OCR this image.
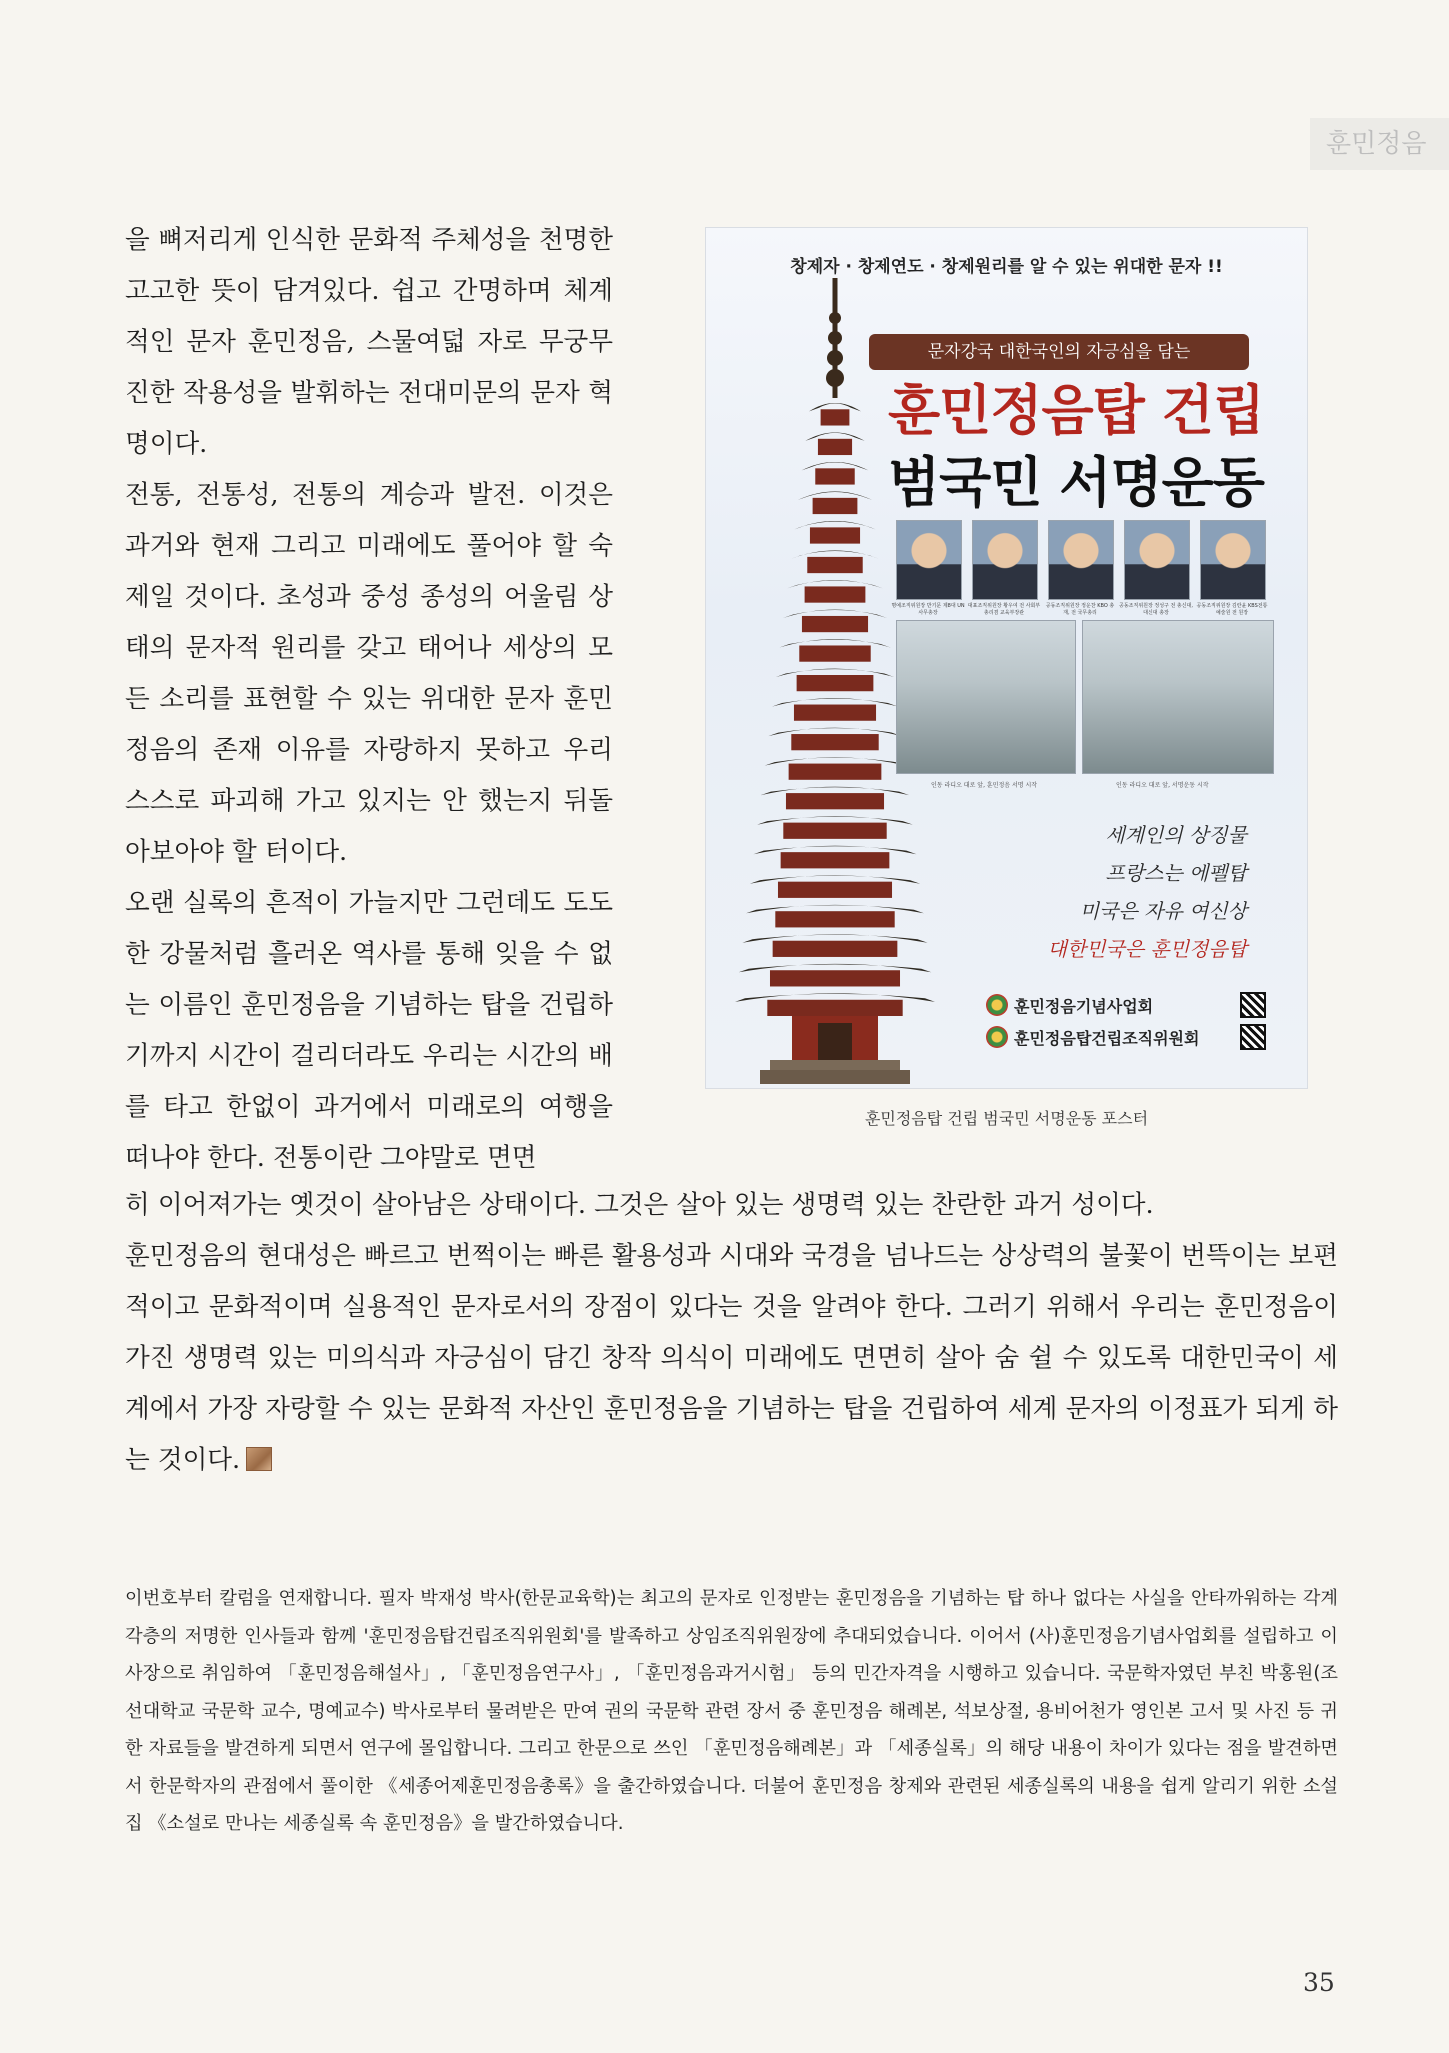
훈민정음

을 뼈저리게 인식한 문화적 주체성을 천명한 고고한 뜻이 담겨있다. 쉽고 간명하며 체계적인 문자 훈민정음, 스물여덟 자로 무궁무진한 작용성을 발휘하는 전대미문의 문자 혁명이다.

전통, 전통성, 전통의 계승과 발전. 이것은 과거와 현재 그리고 미래에도 풀어야 할 숙제일 것이다. 초성과 중성 종성의 어울림 상태의 문자적 원리를 갖고 태어나 세상의 모든 소리를 표현할 수 있는 위대한 문자 훈민정음의 존재 이유를 자랑하지 못하고 우리 스스로 파괴해 가고 있지는 안 했는지 뒤돌아보아야 할 터이다.

오랜 실록의 흔적이 가늘지만 그런데도 도도한 강물처럼 흘러온 역사를 통해 잊을 수 없는 이름인 훈민정음을 기념하는 탑을 건립하기까지 시간이 걸리더라도 우리는 시간의 배를 타고 한없이 과거에서 미래로의 여행을 떠나야 한다. 전통이란 그야말로 면면

창제자 · 창제연도 · 창제원리를 알 수 있는 위대한 문자 !!
문자강국 대한국인의 자긍심을 담는
훈민정음탑 건립
범국민 서명운동
명예조직위원장 반기문 제8대 UN 사무총장
대표조직위원장 황우여 전 사회부총리겸 교육부장관
공동조직위원장 정운찬 KBO 총재, 전 국무총리
공동조직위원장 정성구 전 총신대, 대신대 총장
공동조직위원장 김란윤 KBS전통예술원 전 원장
인동 라디오 대로 앞, 훈민정음 서명 시작	인동 라디오 대로 앞, 서명운동 시작
세계인의 상징물
프랑스는 에펠탑
미국은 자유 여신상
대한민국은 훈민정음탑
훈민정음기념사업회
훈민정음탑건립조직위원회
훈민정음탑 건립 범국민 서명운동 포스터

히 이어져가는 옛것이 살아남은 상태이다. 그것은 살아 있는 생명력 있는 찬란한 과거 성이다.

훈민정음의 현대성은 빠르고 번쩍이는 빠른 활용성과 시대와 국경을 넘나드는 상상력의 불꽃이 번뜩이는 보편적이고 문화적이며 실용적인 문자로서의 장점이 있다는 것을 알려야 한다. 그러기 위해서 우리는 훈민정음이 가진 생명력 있는 미의식과 자긍심이 담긴 창작 의식이 미래에도 면면히 살아 숨 쉴 수 있도록 대한민국이 세계에서 가장 자랑할 수 있는 문화적 자산인 훈민정음을 기념하는 탑을 건립하여 세계 문자의 이정표가 되게 하는 것이다.

이번호부터 칼럼을 연재합니다. 필자 박재성 박사(한문교육학)는 최고의 문자로 인정받는 훈민정음을 기념하는 탑 하나 없다는 사실을 안타까워하는 각계각층의 저명한 인사들과 함께 '훈민정음탑건립조직위원회'를 발족하고 상임조직위원장에 추대되었습니다. 이어서 (사)훈민정음기념사업회를 설립하고 이사장으로 취임하여 「훈민정음해설사」, 「훈민정음연구사」, 「훈민정음과거시험」 등의 민간자격을 시행하고 있습니다. 국문학자였던 부친 박홍원(조선대학교 국문학 교수, 명예교수) 박사로부터 물려받은 만여 권의 국문학 관련 장서 중 훈민정음 해례본, 석보상절, 용비어천가 영인본 고서 및 사진 등 귀한 자료들을 발견하게 되면서 연구에 몰입합니다. 그리고 한문으로 쓰인 「훈민정음해례본」과 「세종실록」의 해당 내용이 차이가 있다는 점을 발견하면서 한문학자의 관점에서 풀이한 《세종어제훈민정음총록》을 출간하였습니다. 더불어 훈민정음 창제와 관련된 세종실록의 내용을 쉽게 알리기 위한 소설집 《소설로 만나는 세종실록 속 훈민정음》을 발간하였습니다.

35
